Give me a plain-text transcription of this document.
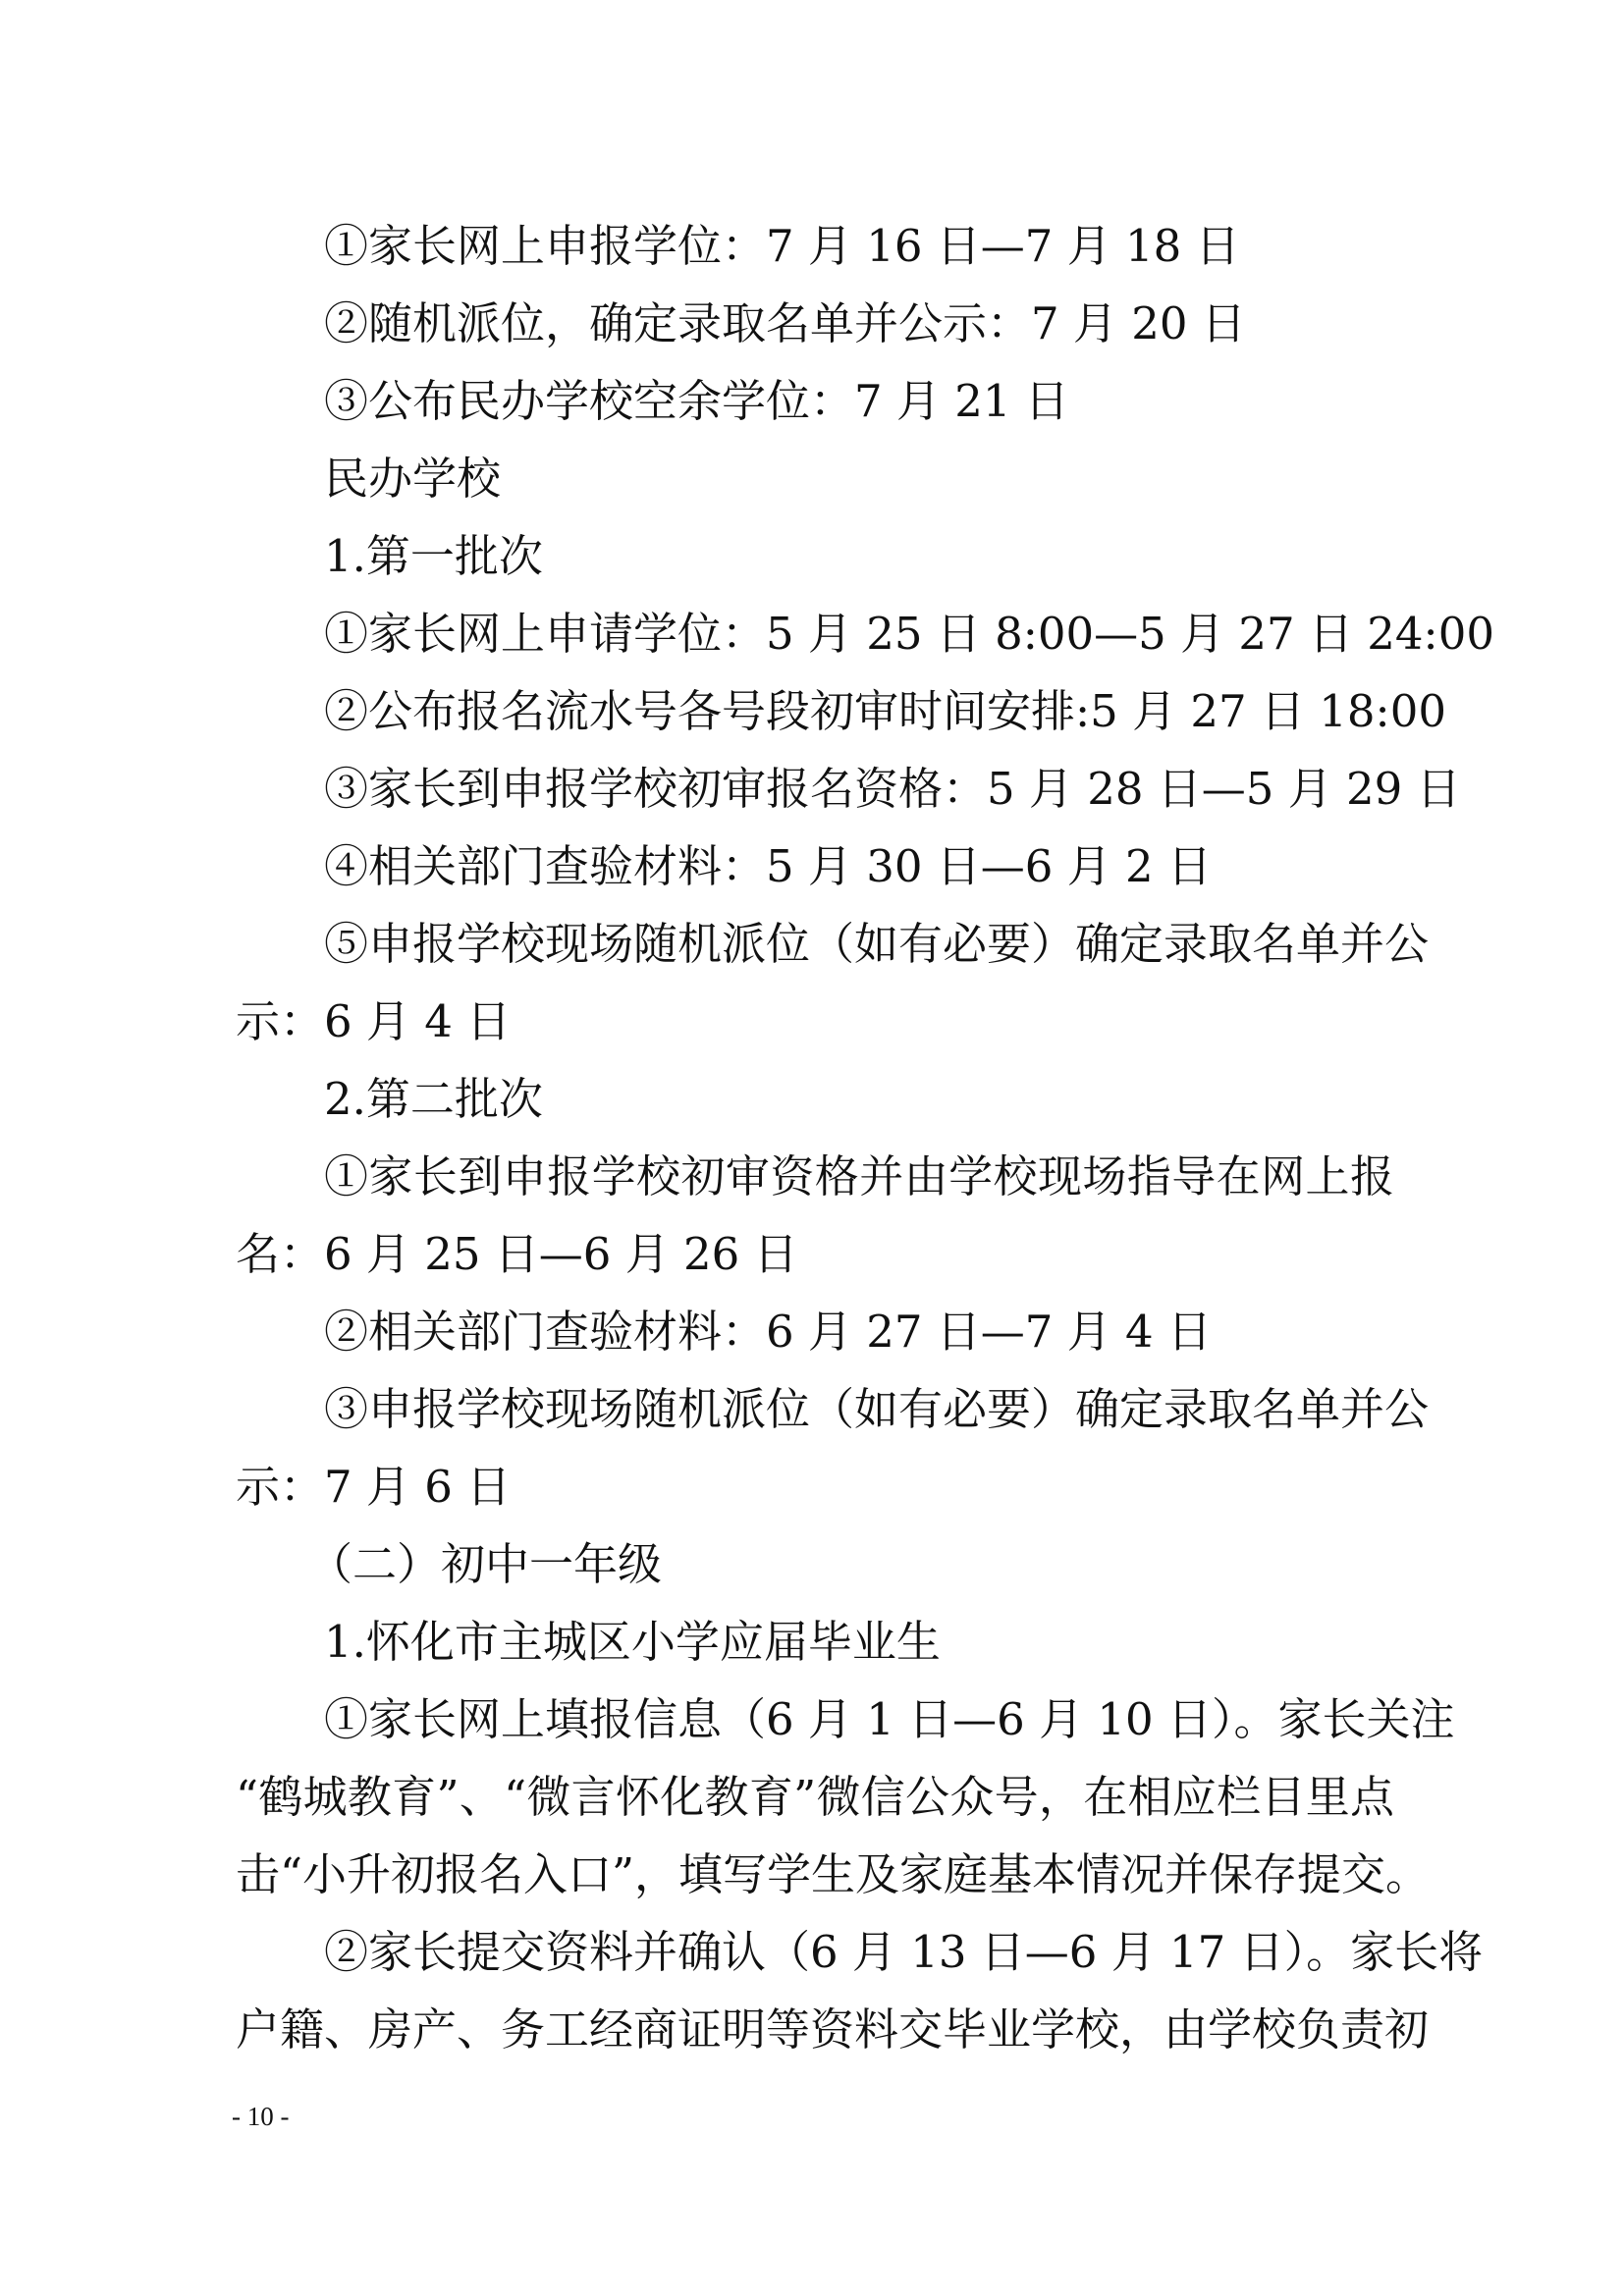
①家长网上申报学位：7 月 16 日—7 月 18 日
②随机派位，确定录取名单并公示：7 月 20 日
③公布民办学校空余学位：7 月 21 日
民办学校
1.第一批次
①家长网上申请学位：5 月 25 日 8:00—5 月 27 日 24:00
②公布报名流水号各号段初审时间安排:5 月 27 日 18:00
③家长到申报学校初审报名资格：5 月 28 日—5 月 29 日
④相关部门查验材料：5 月 30 日—6 月 2 日
⑤申报学校现场随机派位（如有必要）确定录取名单并公
示：6 月 4 日
2.第二批次
①家长到申报学校初审资格并由学校现场指导在网上报
名：6 月 25 日—6 月 26 日
②相关部门查验材料：6 月 27 日—7 月 4 日
③申报学校现场随机派位（如有必要）确定录取名单并公
示：7 月 6 日
（二）初中一年级
1.怀化市主城区小学应届毕业生
①家长网上填报信息（6 月 1 日—6 月 10 日）。家长关注
“鹤城教育”、“微言怀化教育”微信公众号，在相应栏目里点
击“小升初报名入口”，填写学生及家庭基本情况并保存提交。
②家长提交资料并确认（6 月 13 日—6 月 17 日）。家长将
户籍、房产、务工经商证明等资料交毕业学校，由学校负责初
- 10 -
